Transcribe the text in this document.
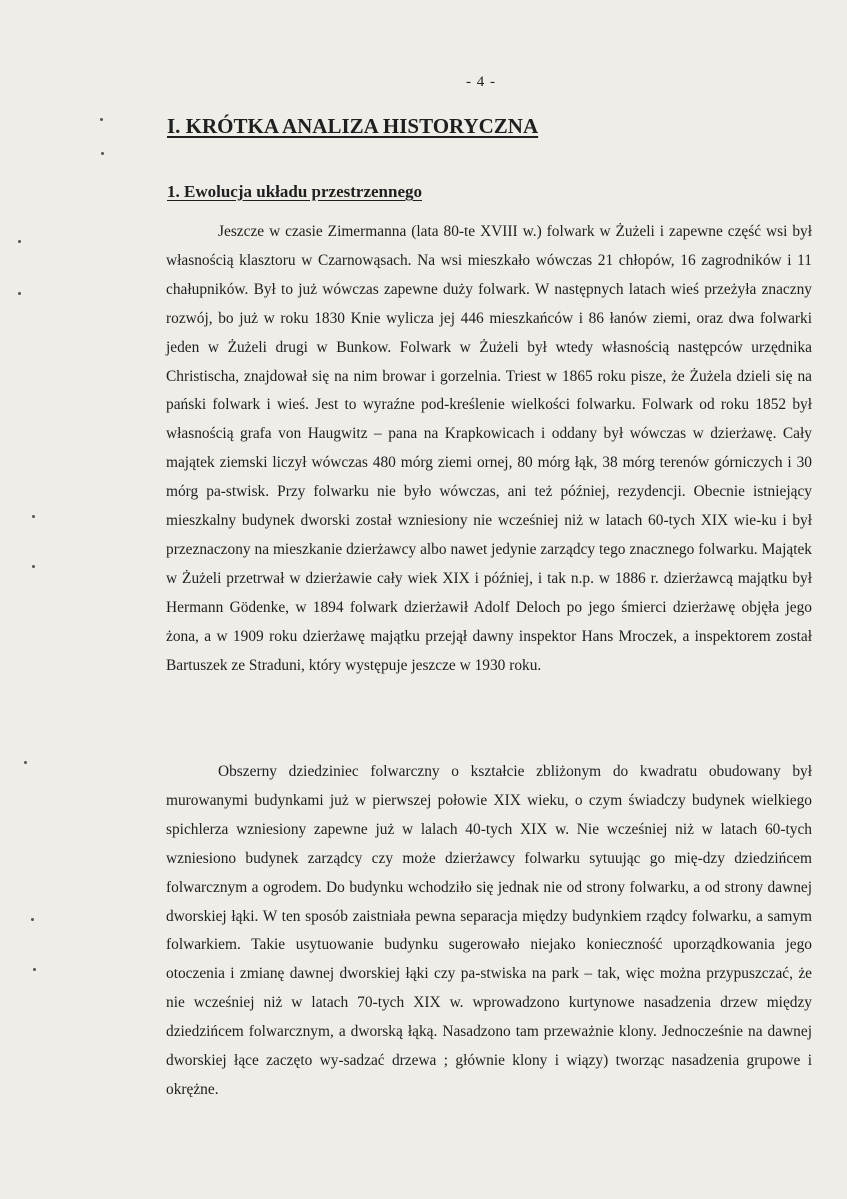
- 4 -
I. KRÓTKA ANALIZA HISTORYCZNA
1. Ewolucja układu przestrzennego

Jeszcze w czasie Zimermanna (lata 80-te XVIII w.) folwark w Żużeli i zapewne część wsi był własnością klasztoru w Czarnowąsach. Na wsi mieszkało wówczas 21 chłopów, 16 zagrodników i 11 chałupników. Był to już wówczas zapewne duży folwark. W następnych latach wieś przeżyła znaczny rozwój, bo już w roku 1830 Knie wylicza jej 446 mieszkańców i 86 łanów ziemi, oraz dwa folwarki jeden w Żużeli drugi w Bunkow. Folwark w Żużeli był wtedy własnością następców urzędnika Christischa, znajdował się na nim browar i gorzelnia. Triest w 1865 roku pisze, że Żużela dzieli się na pański folwark i wieś. Jest to wyraźne pod-kreślenie wielkości folwarku. Folwark od roku 1852 był własnością grafa von Haugwitz – pana na Krapkowicach i oddany był wówczas w dzierżawę. Cały majątek ziemski liczył wówczas 480 mórg ziemi ornej, 80 mórg łąk, 38 mórg terenów górniczych i 30 mórg pa-stwisk. Przy folwarku nie było wówczas, ani też później, rezydencji. Obecnie istniejący mieszkalny budynek dworski został wzniesiony nie wcześniej niż w latach 60-tych XIX wie-ku i był przeznaczony na mieszkanie dzierżawcy albo nawet jedynie zarządcy tego znacznego folwarku. Majątek w Żużeli przetrwał w dzierżawie cały wiek XIX i później, i tak n.p. w 1886 r. dzierżawcą majątku był Hermann Gödenke, w 1894 folwark dzierżawił Adolf Deloch po jego śmierci dzierżawę objęła jego żona, a w 1909 roku dzierżawę majątku przejął dawny inspektor Hans Mroczek, a inspektorem został Bartuszek ze Straduni, który występuje jeszcze w 1930 roku.

Obszerny dziedziniec folwarczny o kształcie zbliżonym do kwadratu obudowany był murowanymi budynkami już w pierwszej połowie XIX wieku, o czym świadczy budynek wielkiego spichlerza wzniesiony zapewne już w lalach 40-tych XIX w. Nie wcześniej niż w latach 60-tych wzniesiono budynek zarządcy czy może dzierżawcy folwarku sytuując go mię-dzy dziedzińcem folwarcznym a ogrodem. Do budynku wchodziło się jednak nie od strony folwarku, a od strony dawnej dworskiej łąki. W ten sposób zaistniała pewna separacja między budynkiem rządcy folwarku, a samym folwarkiem. Takie usytuowanie budynku sugerowało niejako konieczność uporządkowania jego otoczenia i zmianę dawnej dworskiej łąki czy pa-stwiska na park – tak, więc można przypuszczać, że nie wcześniej niż w latach 70-tych XIX w. wprowadzono kurtynowe nasadzenia drzew między dziedzińcem folwarcznym, a dworską łąką. Nasadzono tam przeważnie klony. Jednocześnie na dawnej dworskiej łące zaczęto wy-sadzać drzewa ; głównie klony i wiązy) tworząc nasadzenia grupowe i okrężne.
